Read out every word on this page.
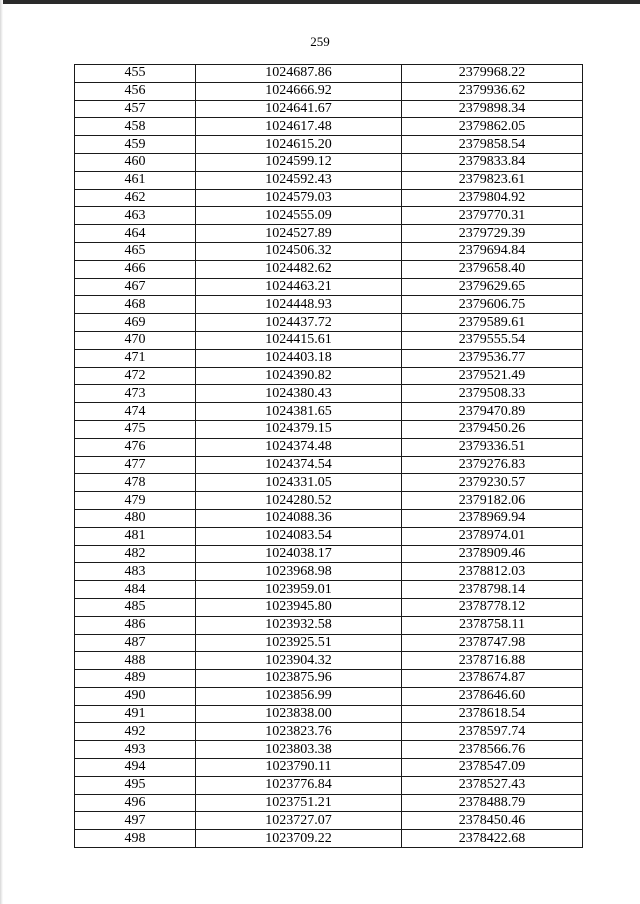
259
455	1024687.86	2379968.22
456	1024666.92	2379936.62
457	1024641.67	2379898.34
458	1024617.48	2379862.05
459	1024615.20	2379858.54
460	1024599.12	2379833.84
461	1024592.43	2379823.61
462	1024579.03	2379804.92
463	1024555.09	2379770.31
464	1024527.89	2379729.39
465	1024506.32	2379694.84
466	1024482.62	2379658.40
467	1024463.21	2379629.65
468	1024448.93	2379606.75
469	1024437.72	2379589.61
470	1024415.61	2379555.54
471	1024403.18	2379536.77
472	1024390.82	2379521.49
473	1024380.43	2379508.33
474	1024381.65	2379470.89
475	1024379.15	2379450.26
476	1024374.48	2379336.51
477	1024374.54	2379276.83
478	1024331.05	2379230.57
479	1024280.52	2379182.06
480	1024088.36	2378969.94
481	1024083.54	2378974.01
482	1024038.17	2378909.46
483	1023968.98	2378812.03
484	1023959.01	2378798.14
485	1023945.80	2378778.12
486	1023932.58	2378758.11
487	1023925.51	2378747.98
488	1023904.32	2378716.88
489	1023875.96	2378674.87
490	1023856.99	2378646.60
491	1023838.00	2378618.54
492	1023823.76	2378597.74
493	1023803.38	2378566.76
494	1023790.11	2378547.09
495	1023776.84	2378527.43
496	1023751.21	2378488.79
497	1023727.07	2378450.46
498	1023709.22	2378422.68
